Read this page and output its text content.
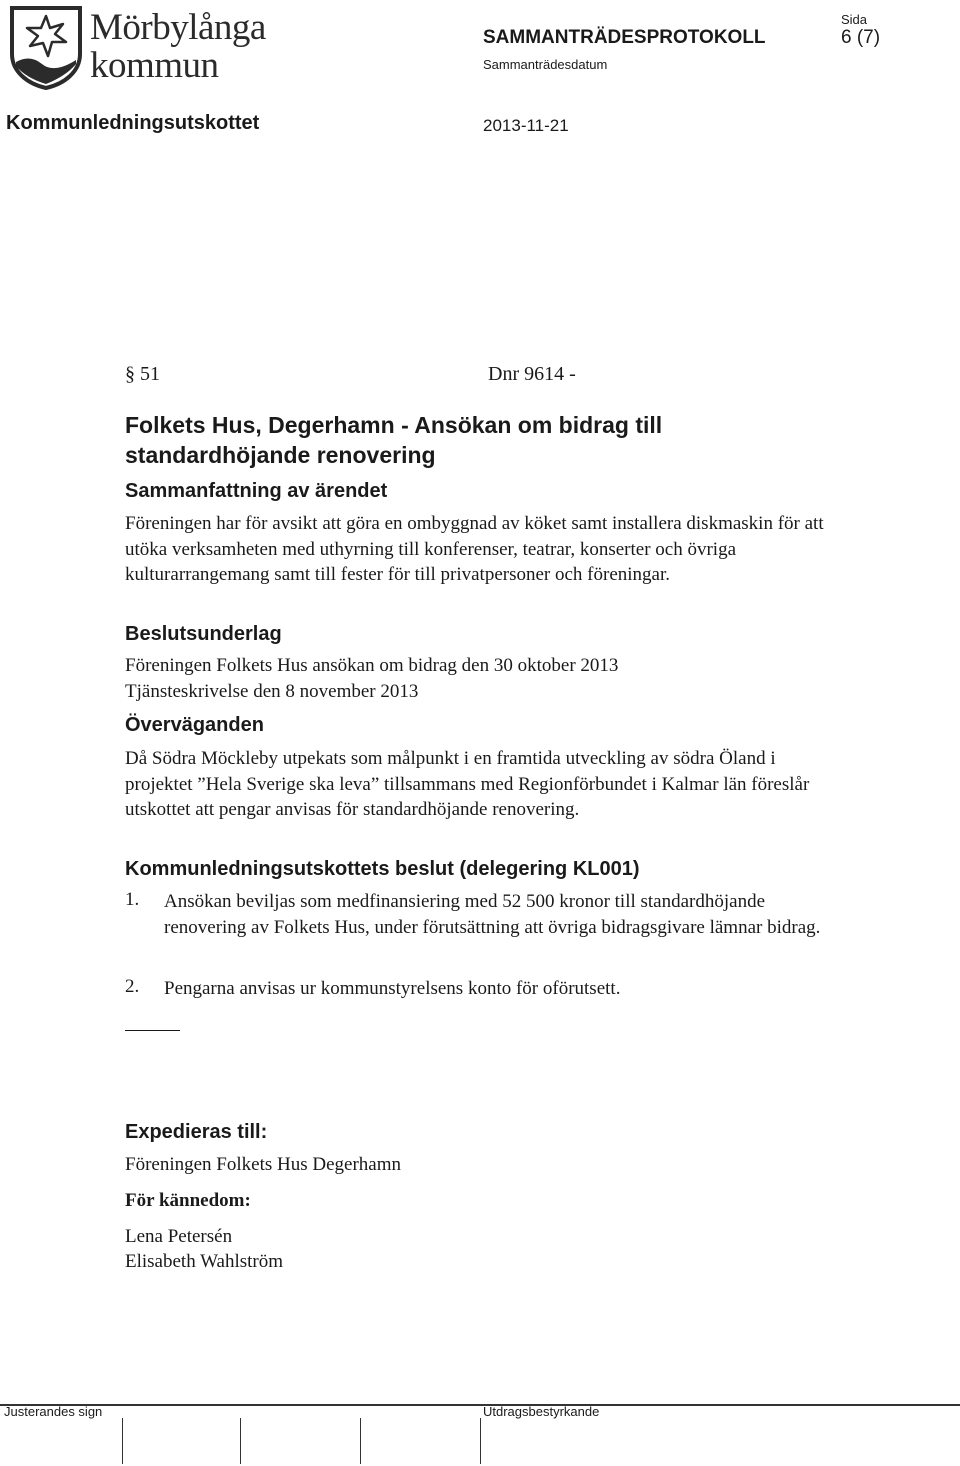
Mörbylånga
kommun
SAMMANTRÄDESPROTOKOLL
Sida
6 (7)
Sammanträdesdatum
Kommunledningsutskottet	2013-11-21
§ 51	Dnr 9614 -
Folkets Hus, Degerhamn - Ansökan om bidrag till standardhöjande renovering
Sammanfattning av ärendet
Föreningen har för avsikt att göra en ombyggnad av köket samt installera diskmaskin för att utöka verksamheten med uthyrning till konferenser, teatrar, konserter och övriga kulturarrangemang samt till fester för till privatpersoner och föreningar.
Beslutsunderlag
Föreningen Folkets Hus ansökan om bidrag den 30 oktober 2013
Tjänsteskrivelse den 8 november 2013
Överväganden
Då Södra Möckleby utpekats som målpunkt i en framtida utveckling av södra Öland i projektet ”Hela Sverige ska leva” tillsammans med Regionförbundet i Kalmar län föreslår utskottet att pengar anvisas för standardhöjande renovering.
Kommunledningsutskottets beslut (delegering KL001)
1. Ansökan beviljas som medfinansiering med 52 500 kronor till standardhöjande renovering av Folkets Hus, under förutsättning att övriga bidragsgivare lämnar bidrag.
2. Pengarna anvisas ur kommunstyrelsens konto för oförutsett.
Expedieras till:
Föreningen Folkets Hus Degerhamn
För kännedom:
Lena Petersén
Elisabeth Wahlström
Justerandes sign	Utdragsbestyrkande
